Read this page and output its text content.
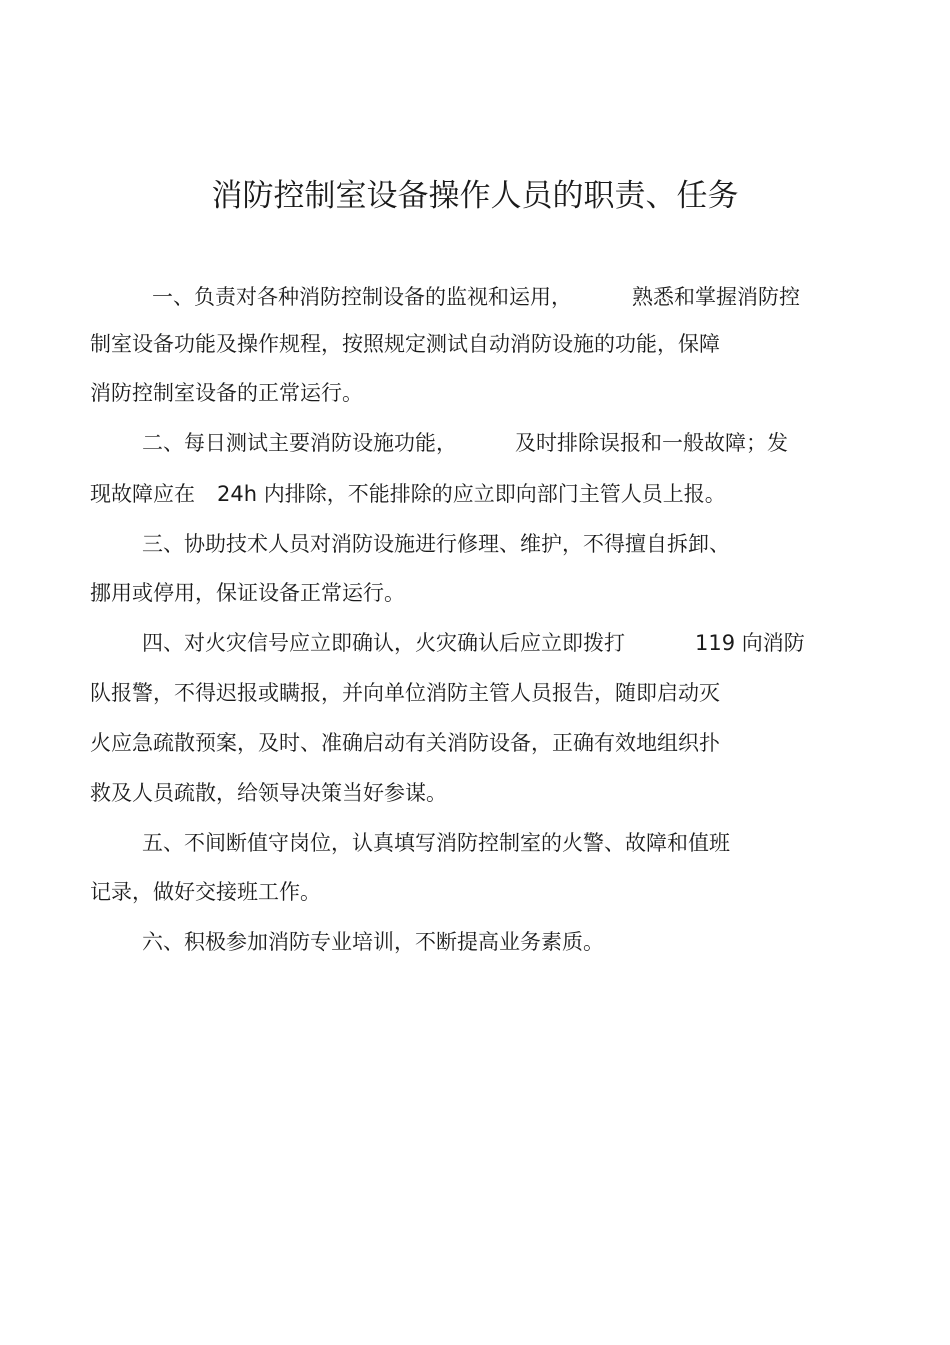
消防控制室设备操作人员的职责、任务
一、负责对各种消防控制设备的监视和运用，	熟悉和掌握消防控
制室设备功能及操作规程，按照规定测试自动消防设施的功能，保障
消防控制室设备的正常运行。
二、每日测试主要消防设施功能，	及时排除误报和一般故障；发
现故障应在 24h 内排除，不能排除的应立即向部门主管人员上报。
三、协助技术人员对消防设施进行修理、维护，不得擅自拆卸、
挪用或停用，保证设备正常运行。
四、对火灾信号应立即确认，火灾确认后应立即拨打	119 向消防
队报警，不得迟报或瞒报，并向单位消防主管人员报告，随即启动灭
火应急疏散预案，及时、准确启动有关消防设备，正确有效地组织扑
救及人员疏散，给领导决策当好参谋。
五、不间断值守岗位，认真填写消防控制室的火警、故障和值班
记录，做好交接班工作。
六、积极参加消防专业培训，不断提高业务素质。
